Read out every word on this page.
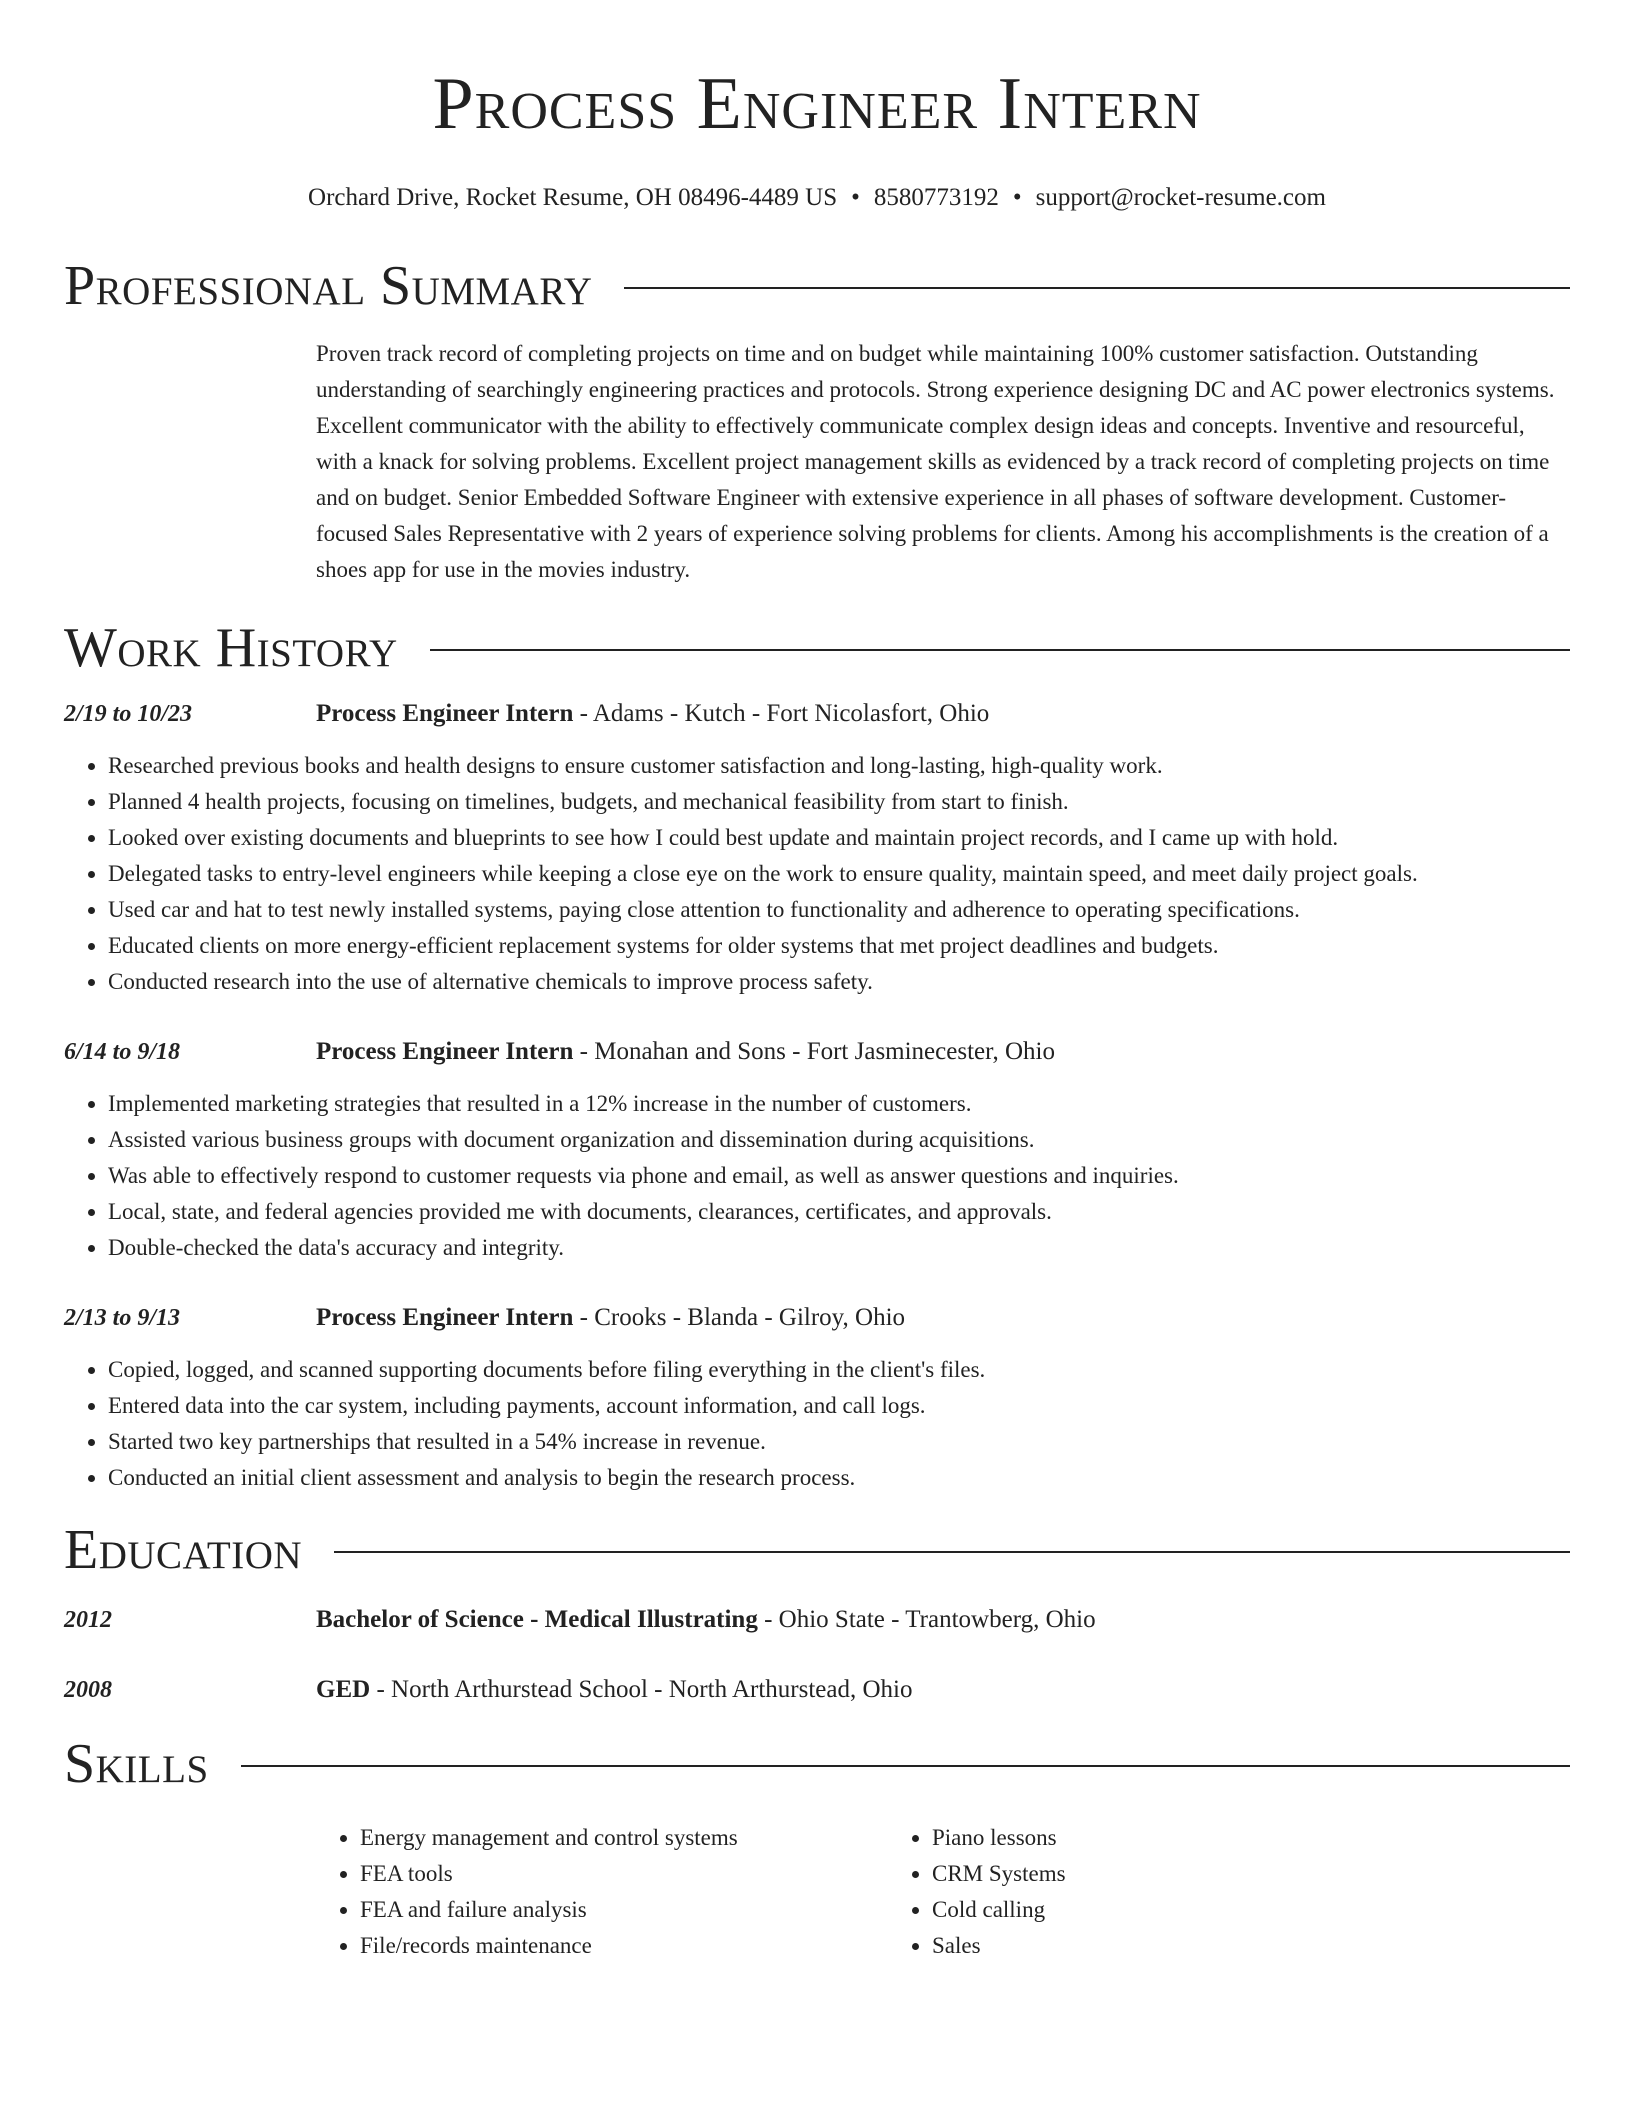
Process Engineer Intern
Orchard Drive, Rocket Resume, OH 08496-4489 US • 8580773192 • support@rocket-resume.com
Professional Summary
Proven track record of completing projects on time and on budget while maintaining 100% customer satisfaction. Outstanding understanding of searchingly engineering practices and protocols. Strong experience designing DC and AC power electronics systems. Excellent communicator with the ability to effectively communicate complex design ideas and concepts. Inventive and resourceful, with a knack for solving problems. Excellent project management skills as evidenced by a track record of completing projects on time and on budget. Senior Embedded Software Engineer with extensive experience in all phases of software development. Customer-focused Sales Representative with 2 years of experience solving problems for clients. Among his accomplishments is the creation of a shoes app for use in the movies industry.
Work History
2/19 to 10/23	Process Engineer Intern - Adams - Kutch - Fort Nicolasfort, Ohio
• Researched previous books and health designs to ensure customer satisfaction and long-lasting, high-quality work.
• Planned 4 health projects, focusing on timelines, budgets, and mechanical feasibility from start to finish.
• Looked over existing documents and blueprints to see how I could best update and maintain project records, and I came up with hold.
• Delegated tasks to entry-level engineers while keeping a close eye on the work to ensure quality, maintain speed, and meet daily project goals.
• Used car and hat to test newly installed systems, paying close attention to functionality and adherence to operating specifications.
• Educated clients on more energy-efficient replacement systems for older systems that met project deadlines and budgets.
• Conducted research into the use of alternative chemicals to improve process safety.
6/14 to 9/18	Process Engineer Intern - Monahan and Sons - Fort Jasminecester, Ohio
• Implemented marketing strategies that resulted in a 12% increase in the number of customers.
• Assisted various business groups with document organization and dissemination during acquisitions.
• Was able to effectively respond to customer requests via phone and email, as well as answer questions and inquiries.
• Local, state, and federal agencies provided me with documents, clearances, certificates, and approvals.
• Double-checked the data's accuracy and integrity.
2/13 to 9/13	Process Engineer Intern - Crooks - Blanda - Gilroy, Ohio
• Copied, logged, and scanned supporting documents before filing everything in the client's files.
• Entered data into the car system, including payments, account information, and call logs.
• Started two key partnerships that resulted in a 54% increase in revenue.
• Conducted an initial client assessment and analysis to begin the research process.
Education
2012	Bachelor of Science - Medical Illustrating - Ohio State - Trantowberg, Ohio
2008	GED - North Arthurstead School - North Arthurstead, Ohio
Skills
• Energy management and control systems
• FEA tools
• FEA and failure analysis
• File/records maintenance
• Piano lessons
• CRM Systems
• Cold calling
• Sales
